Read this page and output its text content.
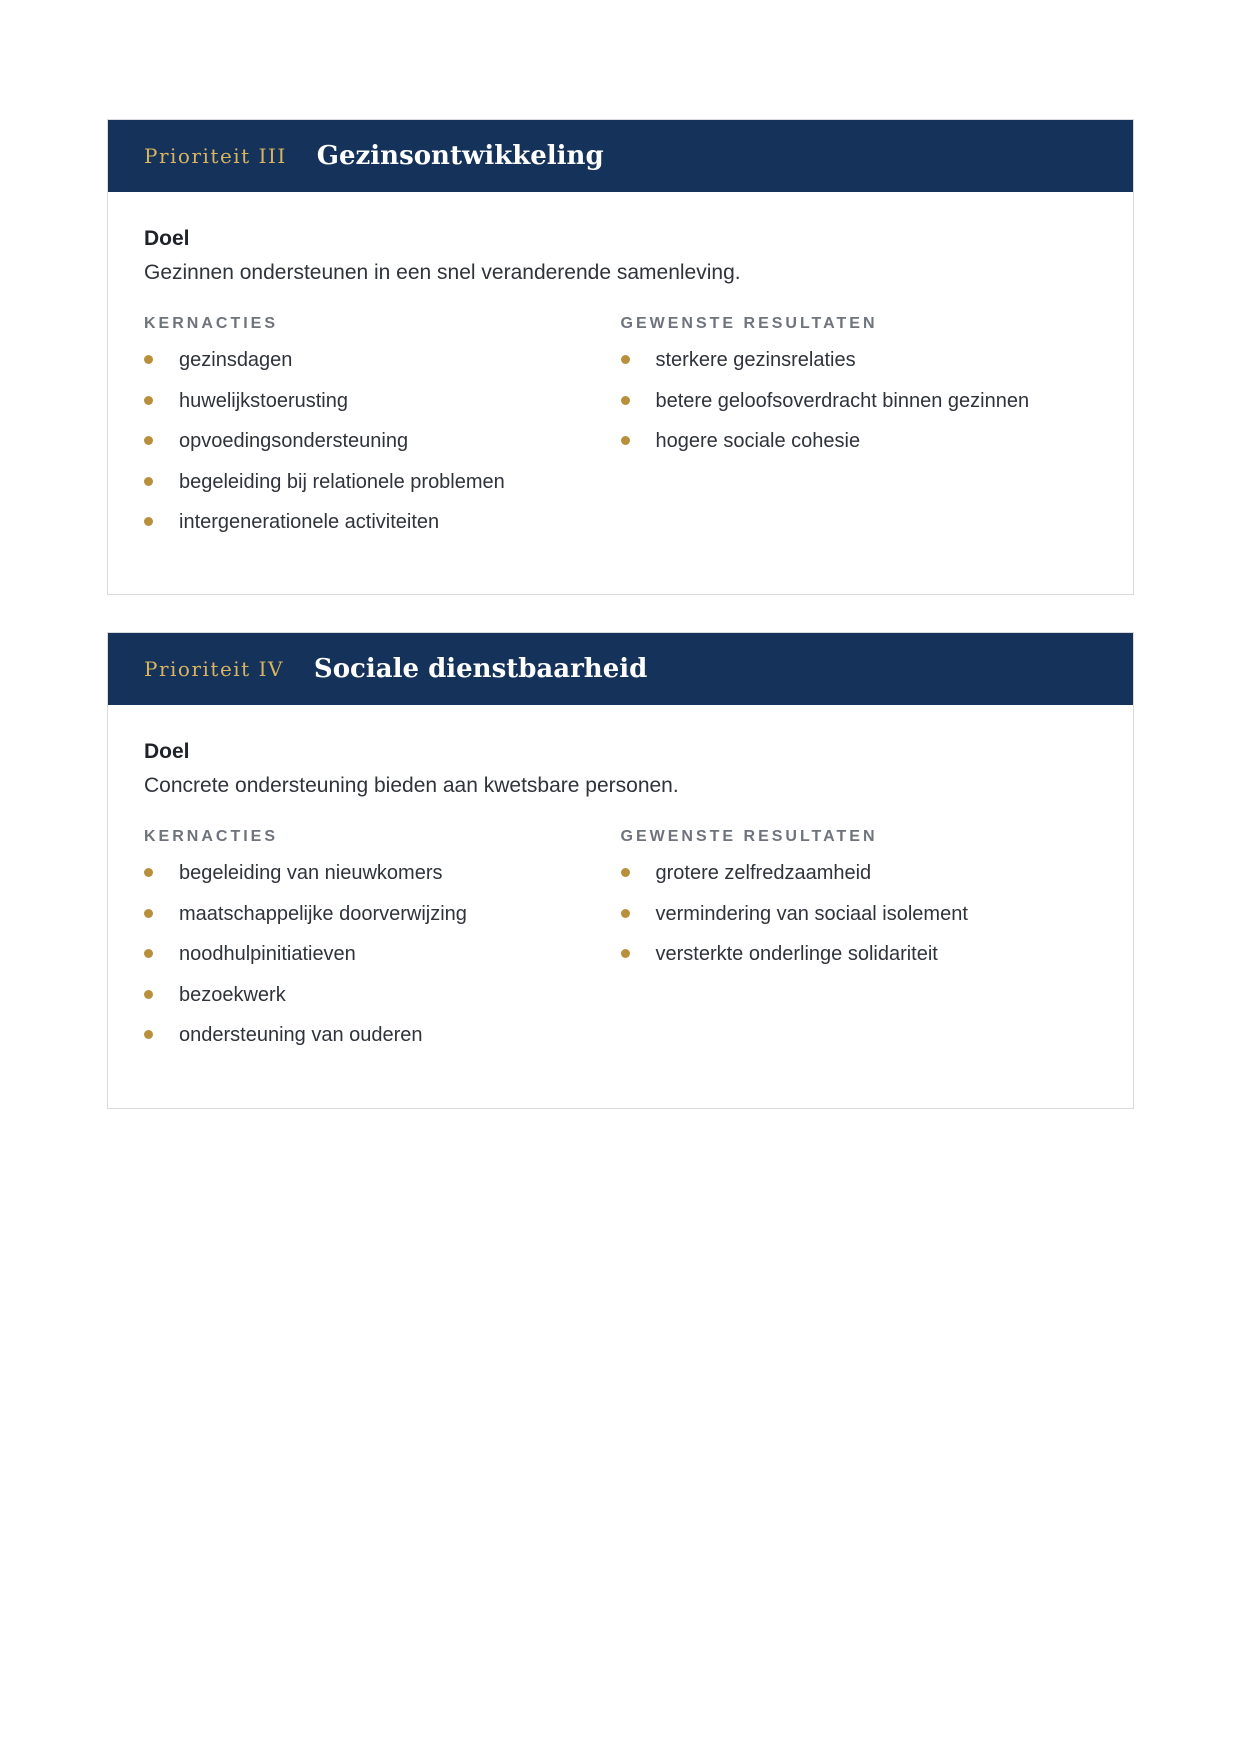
Prioriteit III Gezinsontwikkeling
Doel
Gezinnen ondersteunen in een snel veranderende samenleving.
KERNACTIES
gezinsdagen
huwelijkstoerusting
opvoedingsondersteuning
begeleiding bij relationele problemen
intergenerationele activiteiten
GEWENSTE RESULTATEN
sterkere gezinsrelaties
betere geloofsoverdracht binnen gezinnen
hogere sociale cohesie
Prioriteit IV Sociale dienstbaarheid
Doel
Concrete ondersteuning bieden aan kwetsbare personen.
KERNACTIES
begeleiding van nieuwkomers
maatschappelijke doorverwijzing
noodhulpinitiatieven
bezoekwerk
ondersteuning van ouderen
GEWENSTE RESULTATEN
grotere zelfredzaamheid
vermindering van sociaal isolement
versterkte onderlinge solidariteit
